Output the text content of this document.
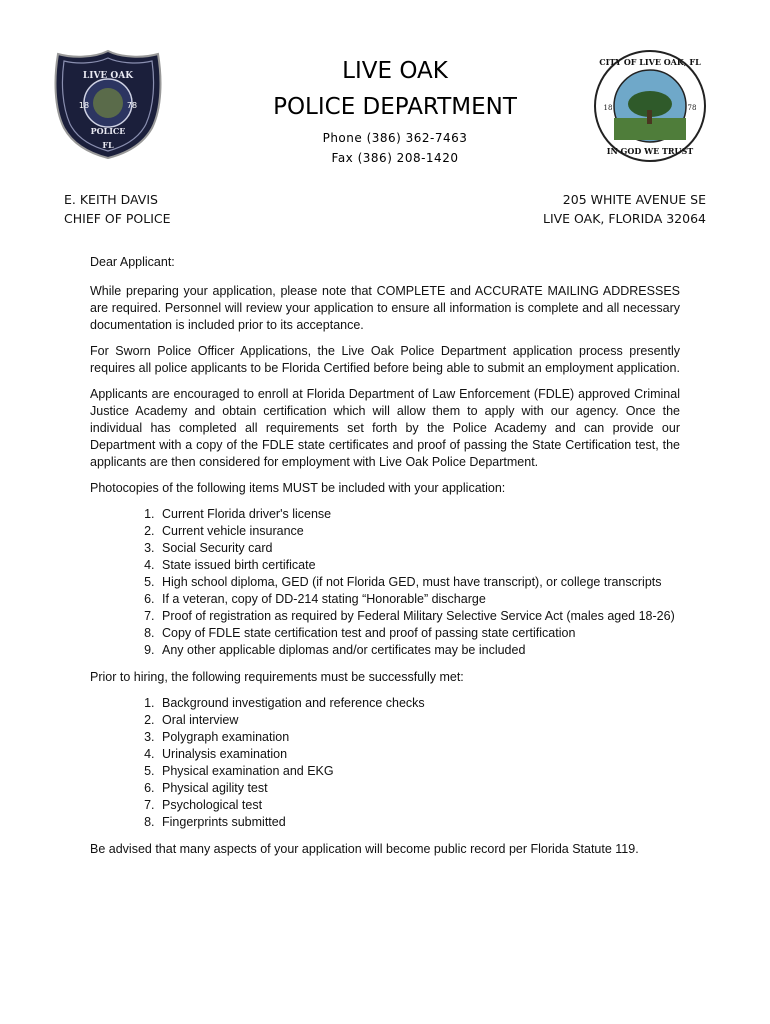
LIVE OAK
18	78
POLICE
FL
LIVE OAK
POLICE DEPARTMENT
Phone (386) 362-7463
Fax (386) 208-1420
18	78
CITY OF LIVE OAK, FL
IN GOD WE TRUST
E. KEITH DAVIS
CHIEF OF POLICE
205 WHITE AVENUE SE
LIVE OAK, FLORIDA 32064

Dear Applicant:

While preparing your application, please note that COMPLETE and ACCURATE MAILING ADDRESSES are required. Personnel will review your application to ensure all information is complete and all necessary documentation is included prior to its acceptance.

For Sworn Police Officer Applications, the Live Oak Police Department application process presently requires all police applicants to be Florida Certified before being able to submit an employment application.

Applicants are encouraged to enroll at Florida Department of Law Enforcement (FDLE) approved Criminal Justice Academy and obtain certification which will allow them to apply with our agency. Once the individual has completed all requirements set forth by the Police Academy and can provide our Department with a copy of the FDLE state certificates and proof of passing the State Certification test, the applicants are then considered for employment with Live Oak Police Department.

Photocopies of the following items MUST be included with your application:

1. Current Florida driver's license
2. Current vehicle insurance
3. Social Security card
4. State issued birth certificate
5. High school diploma, GED (if not Florida GED, must have transcript), or college transcripts
6. If a veteran, copy of DD-214 stating “Honorable” discharge
7. Proof of registration as required by Federal Military Selective Service Act (males aged 18-26)
8. Copy of FDLE state certification test and proof of passing state certification
9. Any other applicable diplomas and/or certificates may be included

Prior to hiring, the following requirements must be successfully met:

1. Background investigation and reference checks
2. Oral interview
3. Polygraph examination
4. Urinalysis examination
5. Physical examination and EKG
6. Physical agility test
7. Psychological test
8. Fingerprints submitted

Be advised that many aspects of your application will become public record per Florida Statute 119.
